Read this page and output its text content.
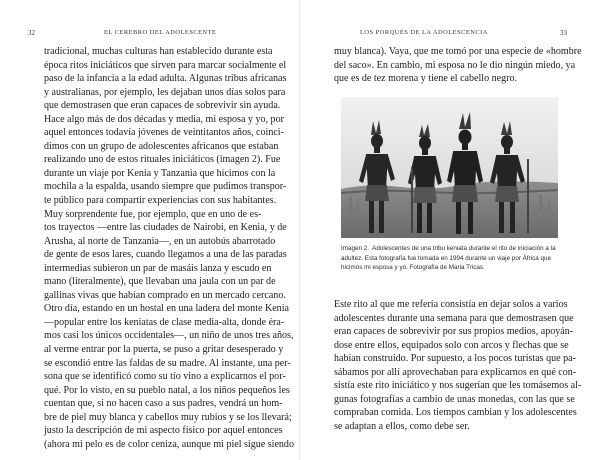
32	EL CEREBRO DEL ADOLESCENTE

tradicional, muchas culturas han establecido durante esta
época ritos iniciáticos que sirven para marcar socialmente el
paso de la infancia a la edad adulta. Algunas tribus africanas
y australianas, por ejemplo, les dejaban unos días solos para
que demostrasen que eran capaces de sobrevivir sin ayuda.
Hace algo más de dos décadas y media, mi esposa y yo, por
aquel entonces todavía jóvenes de veintitantos años, coinci-
dimos con un grupo de adolescentes africanos que estaban
realizando uno de estos rituales iniciáticos (imagen 2). Fue
durante un viaje por Kenia y Tanzania que hicimos con la
mochila a la espalda, usando siempre que pudimos transpor-
te público para compartir experiencias con sus habitantes.
Muy sorprendente fue, por ejemplo, que en uno de es-
tos trayectos —entre las ciudades de Nairobi, en Kenia, y de
Arusha, al norte de Tanzania—, en un autobús abarrotado
de gente de esos lares, cuando llegamos a una de las paradas
intermedias subieron un par de masáis lanza y escudo en
mano (literalmente), que llevaban una jaula con un par de
gallinas vivas que habían comprado en un mercado cercano.
Otro día, estando en un hostal en una ladera del monte Kenia
—popular entre los keniatas de clase media-alta, donde éra-
mos casi los únicos occidentales—, un niño de unos tres años,
al verme entrar por la puerta, se puso a gritar desesperado y
se escondió entre las faldas de su madre. Al instante, una per-
sona que se identificó como su tío vino a explicarnos el por-
qué. Por lo visto, en su pueblo natal, a los niños pequeños les
cuentan que, si no hacen caso a sus padres, vendrá un hom-
bre de piel muy blanca y cabellos muy rubios y se los llevará;
justo la descripción de mi aspecto físico por aquel entonces
(ahora mi pelo es de color ceniza, aunque mi piel sigue siendo

LOS PORQUÉS DE LA ADOLESCENCIA	33

muy blanca). Vaya, que me tomó por una especie de «hombre
del saco». En cambio, mi esposa no le dio ningún miedo, ya
que es de tez morena y tiene el cabello negro.

Imagen 2.  Adolescentes de una tribu keniata durante el rito de iniciación a la
adultez. Esta fotografía fue tomada en 1994 durante un viaje por África que
hicimos mi esposa y yo. Fotografía de Maria Tricas.

Este rito al que me refería consistía en dejar solos a varios
adolescentes durante una semana para que demostrasen que
eran capaces de sobrevivir por sus propios medios, apoyán-
dose entre ellos, equipados solo con arcos y flechas que se
habían construido. Por supuesto, a los pocos turistas que pa-
sábamos por allí aprovechaban para explicarnos en qué con-
sistía este rito iniciático y nos sugerían que les tomásemos al-
gunas fotografías a cambio de unas monedas, con las que se
compraban comida. Los tiempos cambian y los adolescentes
se adaptan a ellos, como debe ser.
